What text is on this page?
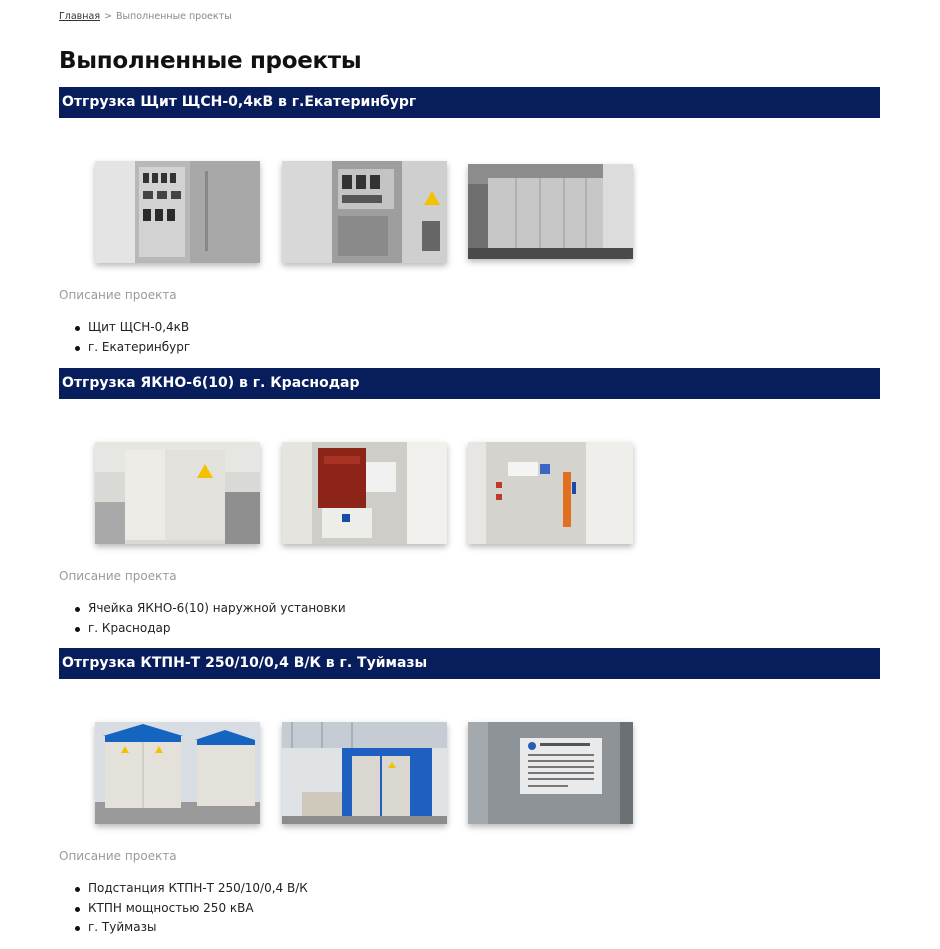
Главная > Выполненные проекты
Выполненные проекты
Отгрузка Щит ЩСН-0,4кВ в г.Екатеринбург
Описание проекта
Щит ЩСН-0,4кВ
г. Екатеринбург
Отгрузка ЯКНО-6(10) в г. Краснодар
Описание проекта
Ячейка ЯКНО-6(10) наружной установки
г. Краснодар
Отгрузка КТПН-Т 250/10/0,4 В/К в г. Туймазы
Описание проекта
Подстанция КТПН-Т 250/10/0,4 В/К
КТПН мощностью 250 кВА
г. Туймазы
